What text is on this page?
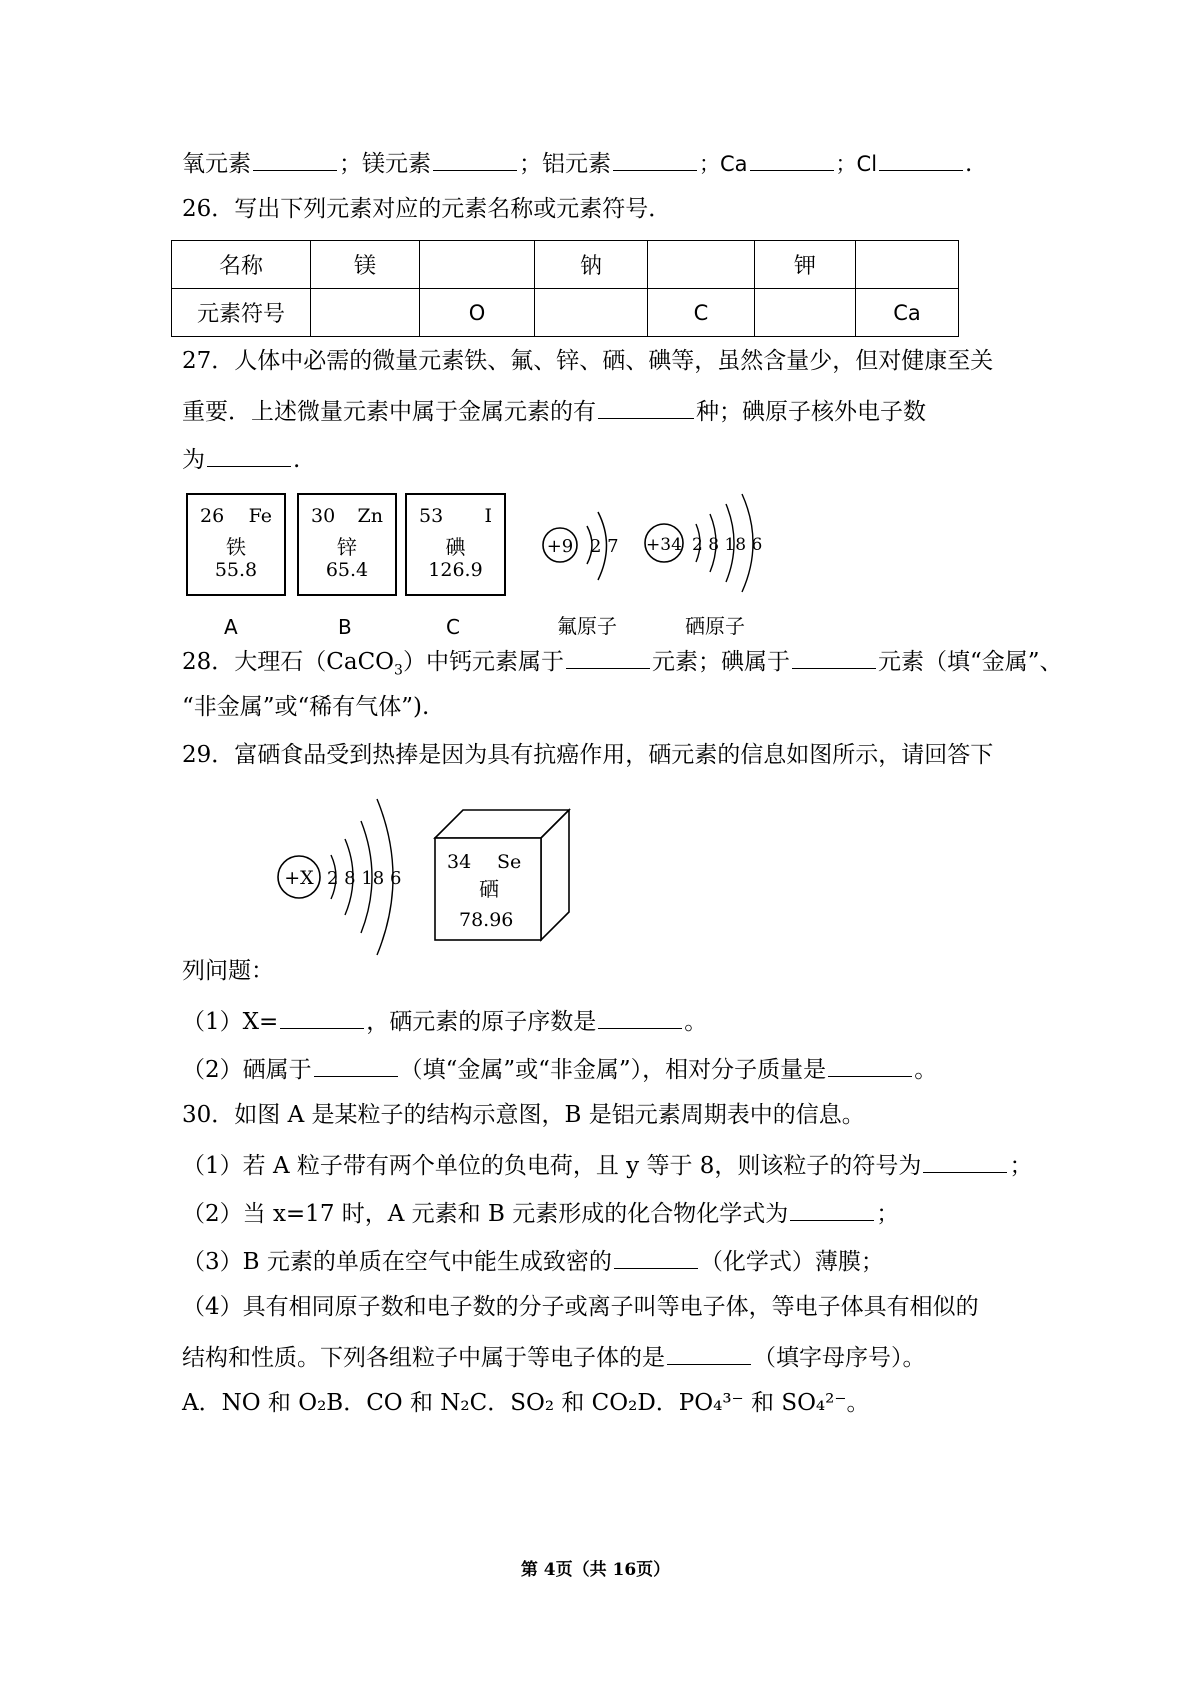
氧元素	；镁元素	；铝元素	；Ca	；Cl	.
26．写出下列元素对应的元素名称或元素符号．
名称	镁		钠		钾	
元素符号		O		C		Ca
27．人体中必需的微量元素铁、氟、锌、硒、碘等，虽然含量少，但对健康至关
重要．上述微量元素中属于金属元素的有	种；碘原子核外电子数
为	.
26 Fe
铁
55.8
30 Zn
锌
65.4
53 I
碘
126.9
A	B	C
+9 2 7
氟原子
+34 2 8 18 6
硒原子
28．大理石（CaCO$_3$）中钙元素属于	元素；碘属于	元素（填“金属”、
“非金属”或“稀有气体”).
29．富硒食品受到热捧是因为具有抗癌作用，硒元素的信息如图所示，请回答下
+X 2 8 18 6
34 Se
硒
78.96
列问题：
（1）X=	，硒元素的原子序数是	。
（2）硒属于	（填“金属”或“非金属”），相对分子质量是	。
30．如图 A 是某粒子的结构示意图，B 是铝元素周期表中的信息。
（1）若 A 粒子带有两个单位的负电荷，且 y 等于 8，则该粒子的符号为	；
（2）当 x=17 时，A 元素和 B 元素形成的化合物化学式为	；
（3）B 元素的单质在空气中能生成致密的	（化学式）薄膜；
（4）具有相同原子数和电子数的分子或离子叫等电子体，等电子体具有相似的
结构和性质。下列各组粒子中属于等电子体的是	（填字母序号）。
A．NO 和 O₂B．CO 和 N₂C．SO₂ 和 CO₂D．PO₄³⁻ 和 SO₄²⁻。
第 4页（共 16页）
